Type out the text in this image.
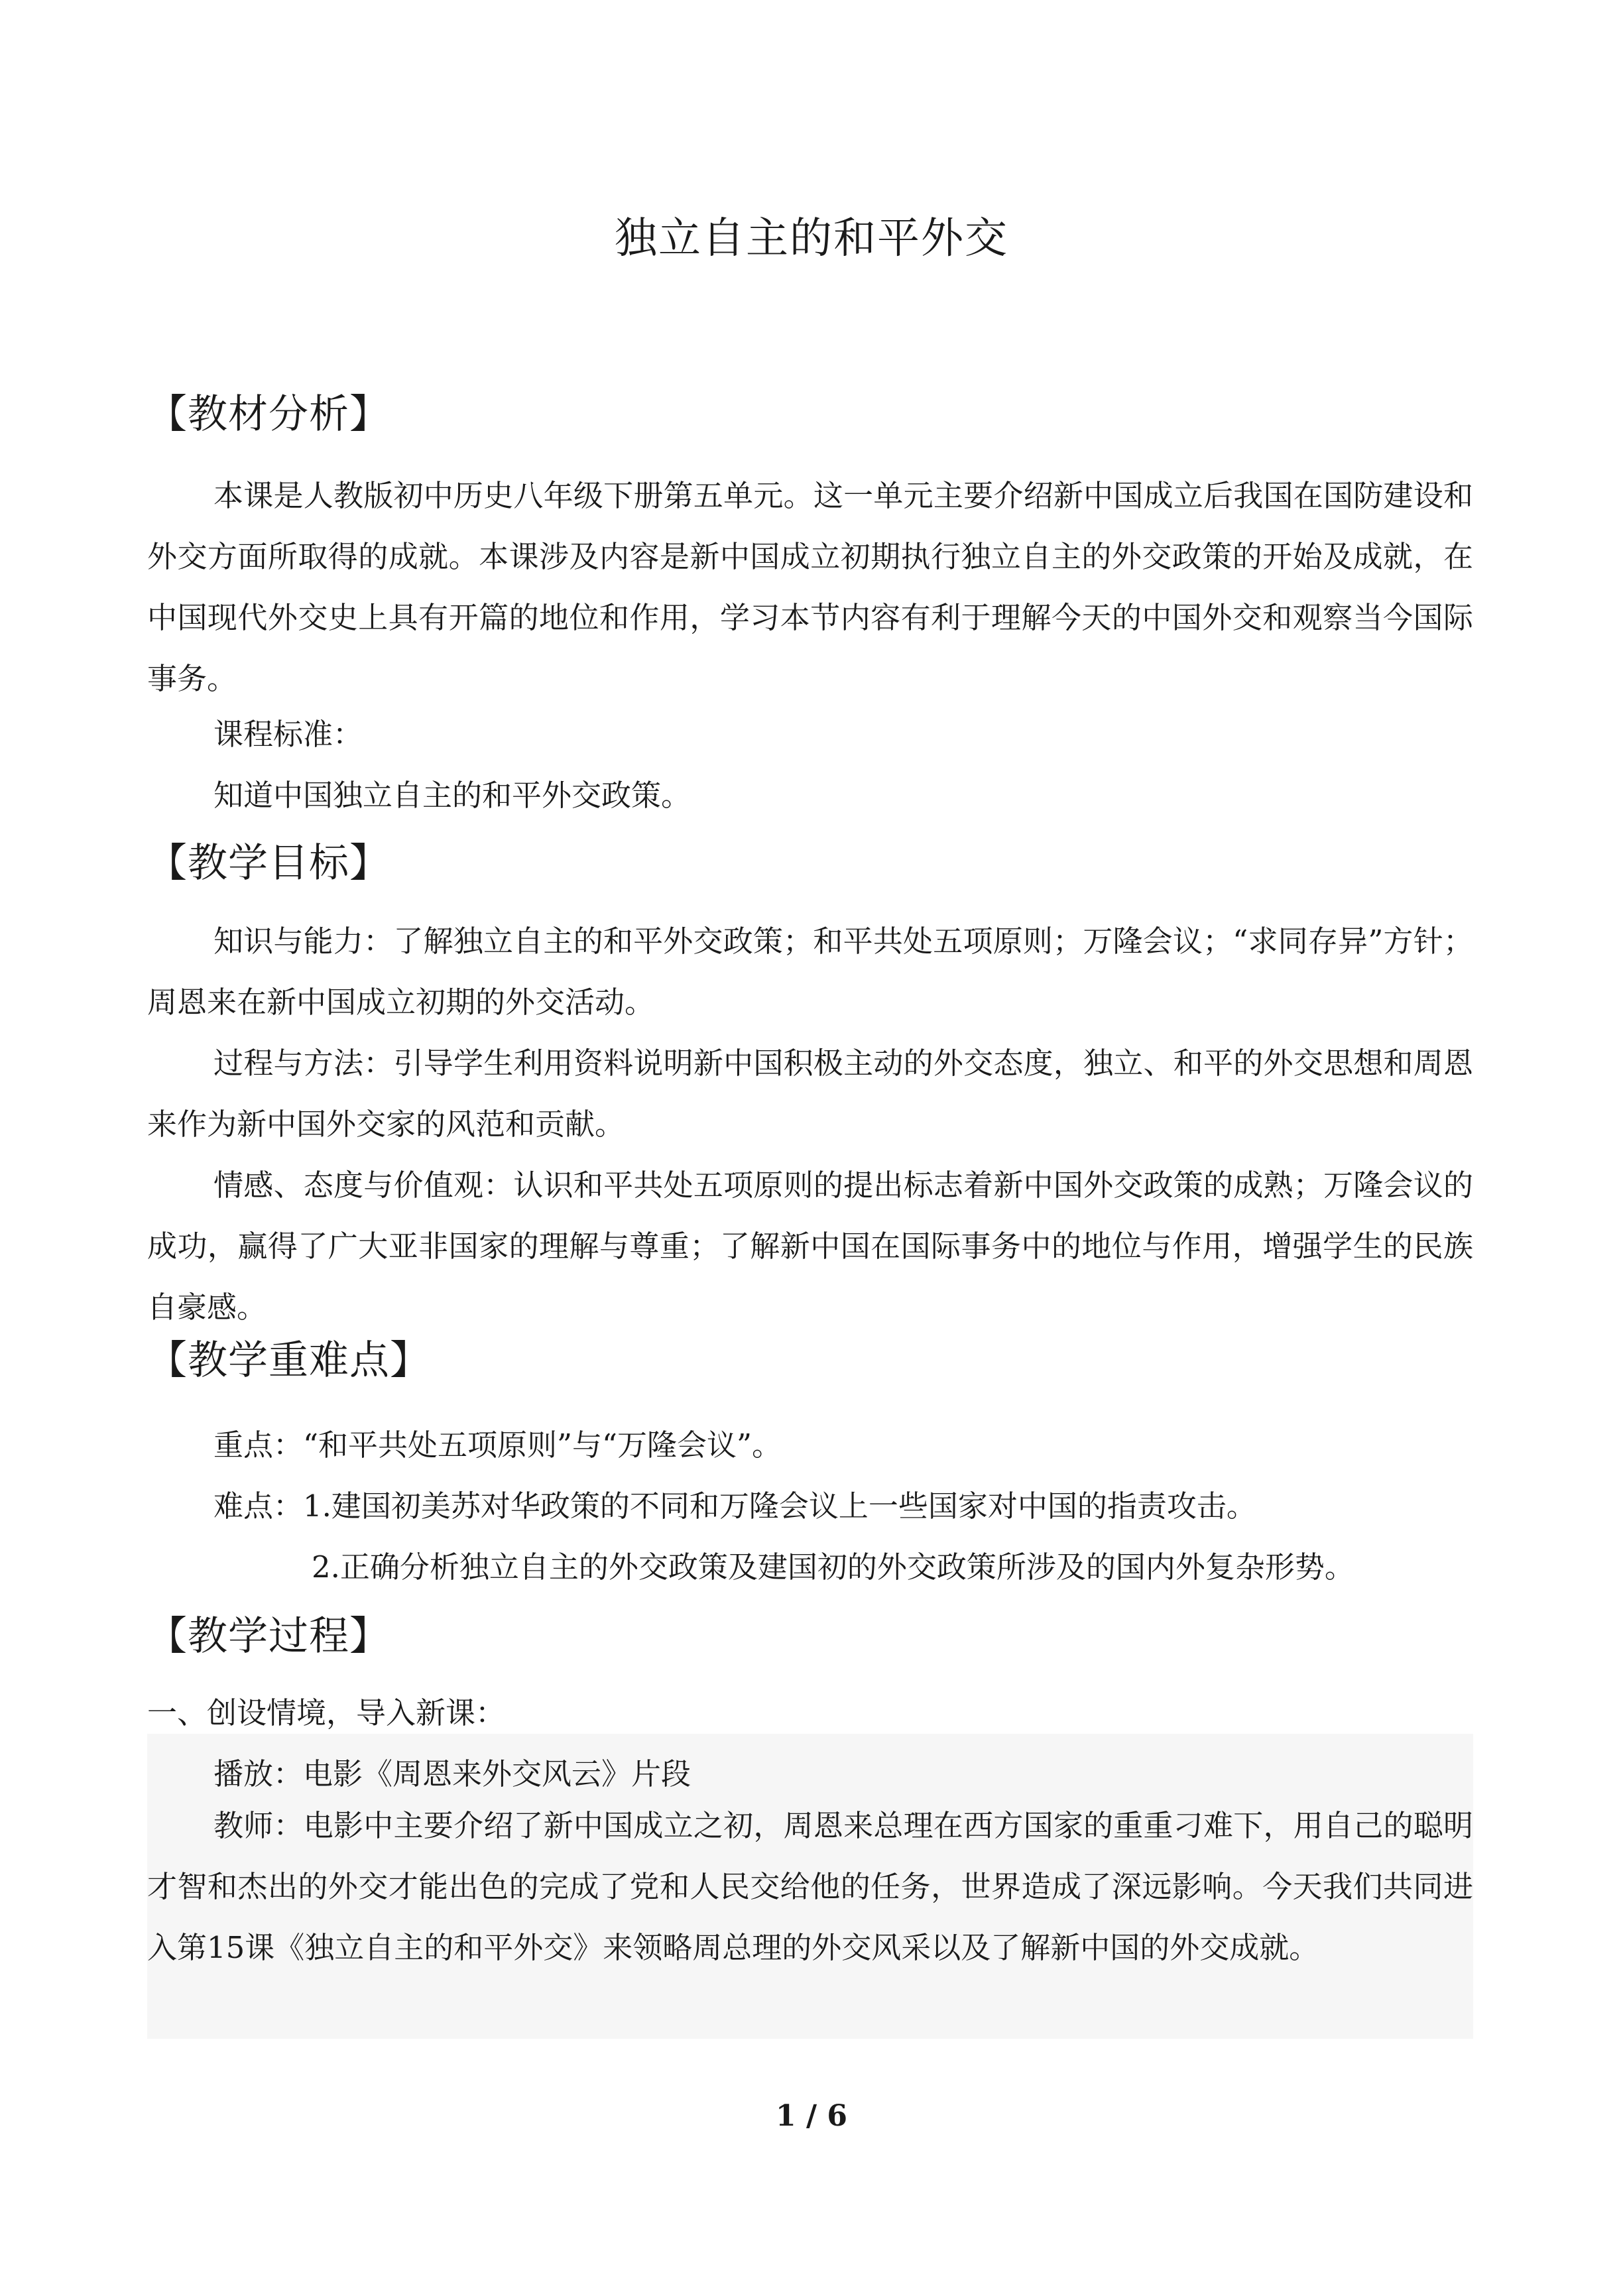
独立自主的和平外交
【教材分析】

本课是人教版初中历史八年级下册第五单元。这一单元主要介绍新中国成立后我国在国防建设和外交方面所取得的成就。本课涉及内容是新中国成立初期执行独立自主的外交政策的开始及成就，在中国现代外交史上具有开篇的地位和作用，学习本节内容有利于理解今天的中国外交和观察当今国际事务。

课程标准：
知道中国独立自主的和平外交政策。
【教学目标】

知识与能力：了解独立自主的和平外交政策；和平共处五项原则；万隆会议；“求同存异”方针；周恩来在新中国成立初期的外交活动。

过程与方法：引导学生利用资料说明新中国积极主动的外交态度，独立、和平的外交思想和周恩来作为新中国外交家的风范和贡献。

情感、态度与价值观：认识和平共处五项原则的提出标志着新中国外交政策的成熟；万隆会议的成功，赢得了广大亚非国家的理解与尊重；了解新中国在国际事务中的地位与作用，增强学生的民族自豪感。

【教学重难点】
重点：“和平共处五项原则”与“万隆会议”。
难点：1.建国初美苏对华政策的不同和万隆会议上一些国家对中国的指责攻击。
2.正确分析独立自主的外交政策及建国初的外交政策所涉及的国内外复杂形势。
【教学过程】
一、创设情境，导入新课：
播放：电影《周恩来外交风云》片段

教师：电影中主要介绍了新中国成立之初，周恩来总理在西方国家的重重刁难下，用自己的聪明才智和杰出的外交才能出色的完成了党和人民交给他的任务，世界造成了深远影响。今天我们共同进入第15课《独立自主的和平外交》来领略周总理的外交风采以及了解新中国的外交成就。

1 / 6
